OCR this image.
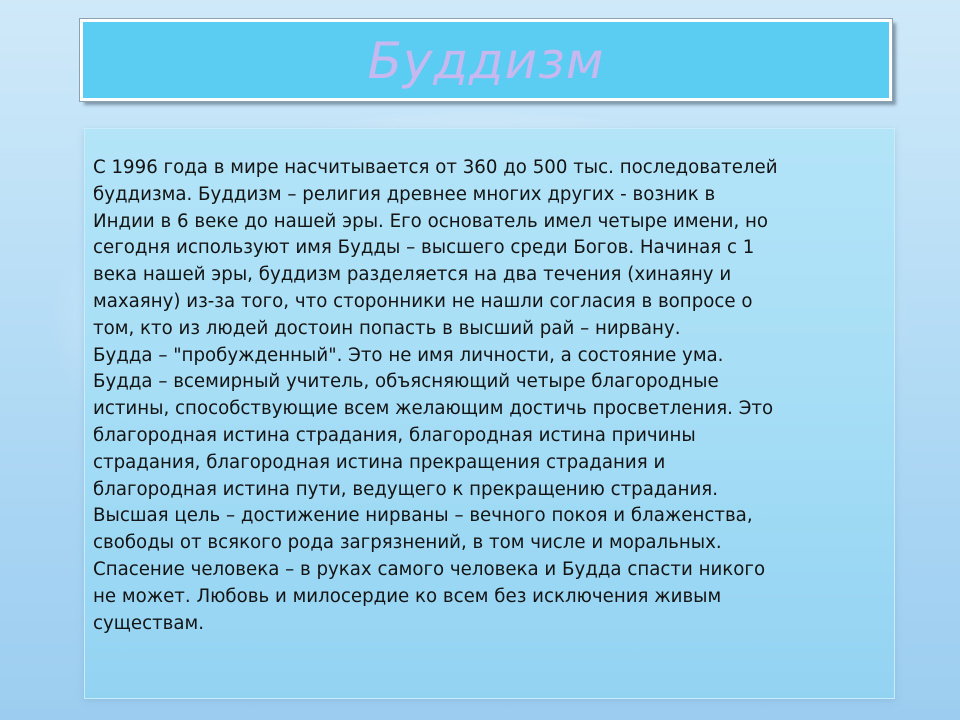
Буддизм

С 1996 года в мире насчитывается от 360 до 500 тыс. последователей
буддизма. Буддизм – религия древнее многих других - возник в
Индии в 6 веке до нашей эры. Его основатель имел четыре имени, но
сегодня используют имя Будды – высшего среди Богов. Начиная с 1
века нашей эры, буддизм разделяется на два течения (хинаяну и
махаяну) из-за того, что сторонники не нашли согласия в вопросе о
том, кто из людей достоин попасть в высший рай – нирвану.
Будда – "пробужденный". Это не имя личности, а состояние ума.
Будда – всемирный учитель, объясняющий четыре благородные
истины, способствующие всем желающим достичь просветления. Это
благородная истина страдания, благородная истина причины
страдания, благородная истина прекращения страдания и
благородная истина пути, ведущего к прекращению страдания.
Высшая цель – достижение нирваны – вечного покоя и блаженства,
свободы от всякого рода загрязнений, в том числе и моральных.
Спасение человека – в руках самого человека и Будда спасти никого
не может. Любовь и милосердие ко всем без исключения живым
существам.
